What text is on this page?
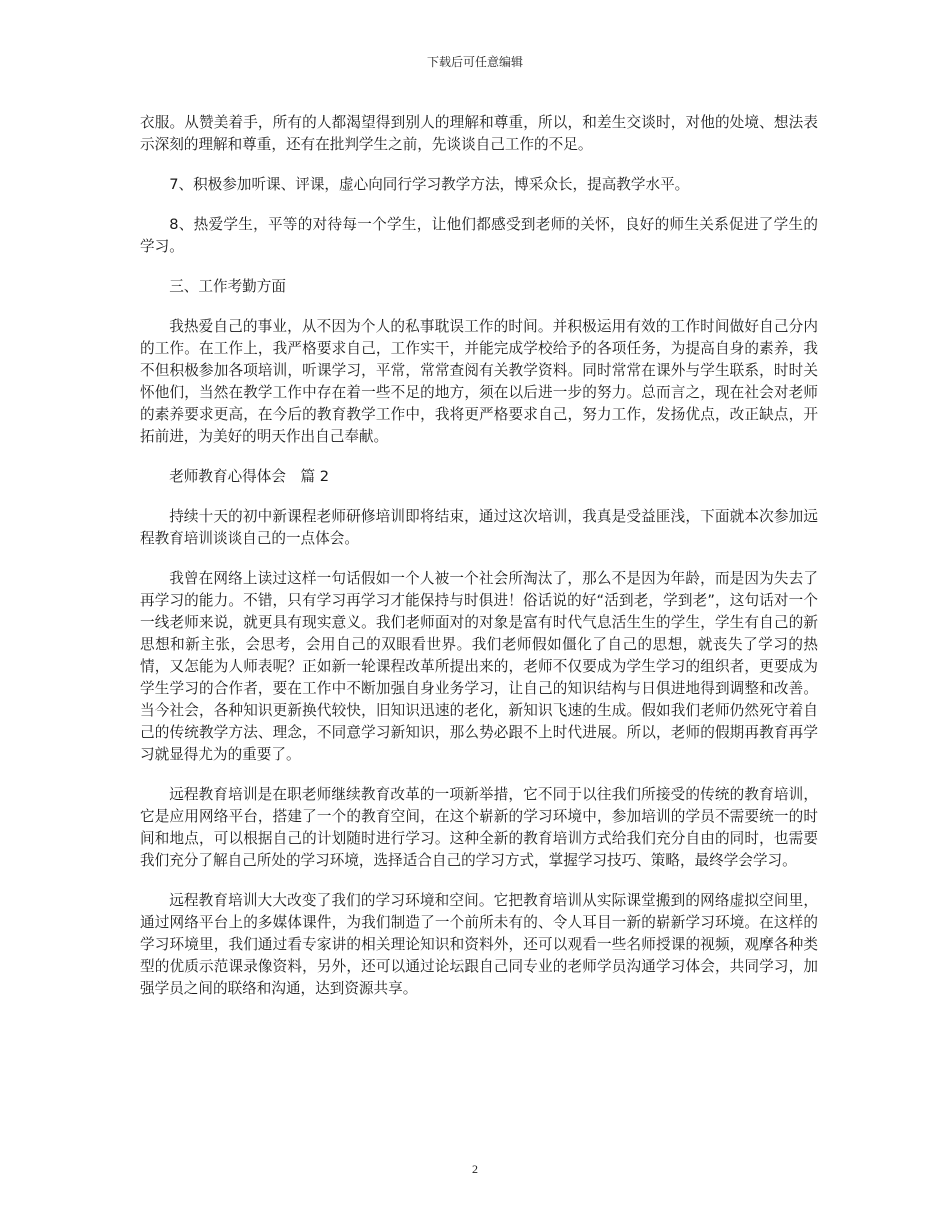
下载后可任意编辑

衣服。从赞美着手，所有的人都渴望得到别人的理解和尊重，所以，和差生交谈时，对他的处境、想法表示深刻的理解和尊重，还有在批判学生之前，先谈谈自己工作的不足。

7、积极参加听课、评课，虚心向同行学习教学方法，博采众长，提高教学水平。

8、热爱学生，平等的对待每一个学生，让他们都感受到老师的关怀，良好的师生关系促进了学生的学习。

三、工作考勤方面

我热爱自己的事业，从不因为个人的私事耽误工作的时间。并积极运用有效的工作时间做好自己分内的工作。在工作上，我严格要求自己，工作实干，并能完成学校给予的各项任务，为提高自身的素养，我不但积极参加各项培训，听课学习，平常，常常查阅有关教学资料。同时常常在课外与学生联系，时时关怀他们，当然在教学工作中存在着一些不足的地方，须在以后进一步的努力。总而言之，现在社会对老师的素养要求更高，在今后的教育教学工作中，我将更严格要求自己，努力工作，发扬优点，改正缺点，开拓前进，为美好的明天作出自己奉献。

老师教育心得体会　篇 2

持续十天的初中新课程老师研修培训即将结束，通过这次培训，我真是受益匪浅，下面就本次参加远程教育培训谈谈自己的一点体会。

我曾在网络上读过这样一句话假如一个人被一个社会所淘汰了，那么不是因为年龄，而是因为失去了再学习的能力。不错，只有学习再学习才能保持与时俱进！俗话说的好“活到老，学到老”，这句话对一个一线老师来说，就更具有现实意义。我们老师面对的对象是富有时代气息活生生的学生，学生有自己的新思想和新主张，会思考，会用自己的双眼看世界。我们老师假如僵化了自己的思想，就丧失了学习的热情，又怎能为人师表呢？正如新一轮课程改革所提出来的，老师不仅要成为学生学习的组织者，更要成为学生学习的合作者，要在工作中不断加强自身业务学习，让自己的知识结构与日俱进地得到调整和改善。当今社会，各种知识更新换代较快，旧知识迅速的老化，新知识飞速的生成。假如我们老师仍然死守着自己的传统教学方法、理念，不同意学习新知识，那么势必跟不上时代进展。所以，老师的假期再教育再学习就显得尤为的重要了。

远程教育培训是在职老师继续教育改革的一项新举措，它不同于以往我们所接受的传统的教育培训，它是应用网络平台，搭建了一个的教育空间，在这个崭新的学习环境中，参加培训的学员不需要统一的时间和地点，可以根据自己的计划随时进行学习。这种全新的教育培训方式给我们充分自由的同时，也需要我们充分了解自己所处的学习环境，选择适合自己的学习方式，掌握学习技巧、策略，最终学会学习。

远程教育培训大大改变了我们的学习环境和空间。它把教育培训从实际课堂搬到的网络虚拟空间里，通过网络平台上的多媒体课件，为我们制造了一个前所未有的、令人耳目一新的崭新学习环境。在这样的学习环境里，我们通过看专家讲的相关理论知识和资料外，还可以观看一些名师授课的视频，观摩各种类型的优质示范课录像资料，另外，还可以通过论坛跟自己同专业的老师学员沟通学习体会，共同学习，加强学员之间的联络和沟通，达到资源共享。

2
